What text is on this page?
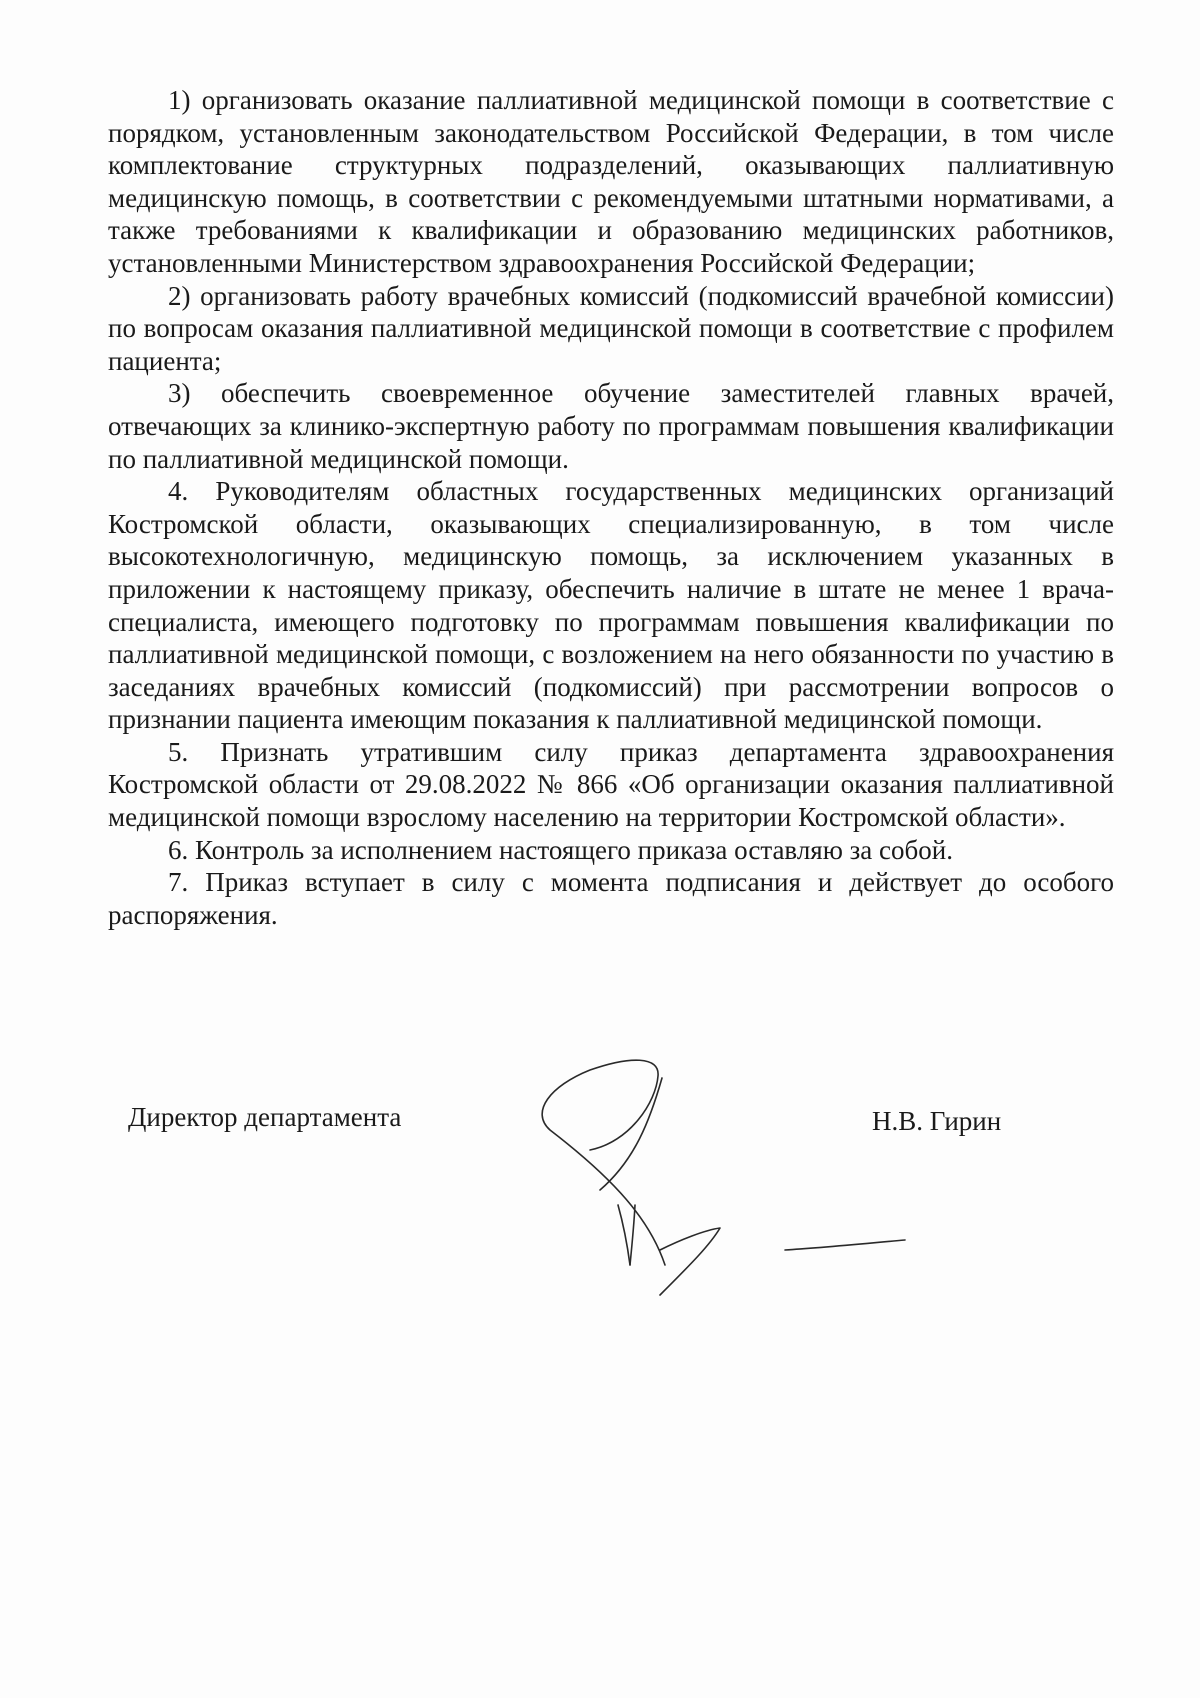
1) организовать оказание паллиативной медицинской помощи в соответствие с порядком, установленным законодательством Российской Федерации, в том числе комплектование структурных подразделений, оказывающих паллиативную медицинскую помощь, в соответствии с рекомендуемыми штатными нормативами, а также требованиями к квалификации и образованию медицинских работников, установленными Министерством здравоохранения Российской Федерации;

2) организовать работу врачебных комиссий (подкомиссий врачебной комиссии) по вопросам оказания паллиативной медицинской помощи в соответствие с профилем пациента;

3) обеспечить своевременное обучение заместителей главных врачей, отвечающих за клинико-экспертную работу по программам повышения квалификации по паллиативной медицинской помощи.

4. Руководителям областных государственных медицинских организаций Костромской области, оказывающих специализированную, в том числе высокотехнологичную, медицинскую помощь, за исключением указанных в приложении к настоящему приказу, обеспечить наличие в штате не менее 1 врача-специалиста, имеющего подготовку по программам повышения квалификации по паллиативной медицинской помощи, с возложением на него обязанности по участию в заседаниях врачебных комиссий (подкомиссий) при рассмотрении вопросов о признании пациента имеющим показания к паллиативной медицинской помощи.

5. Признать утратившим силу приказ департамента здравоохранения Костромской области от 29.08.2022 № 866 «Об организации оказания паллиативной медицинской помощи взрослому населению на территории Костромской области».

6. Контроль за исполнением настоящего приказа оставляю за собой.

7. Приказ вступает в силу с момента подписания и действует до особого распоряжения.

Директор департамента	Н.В. Гирин
